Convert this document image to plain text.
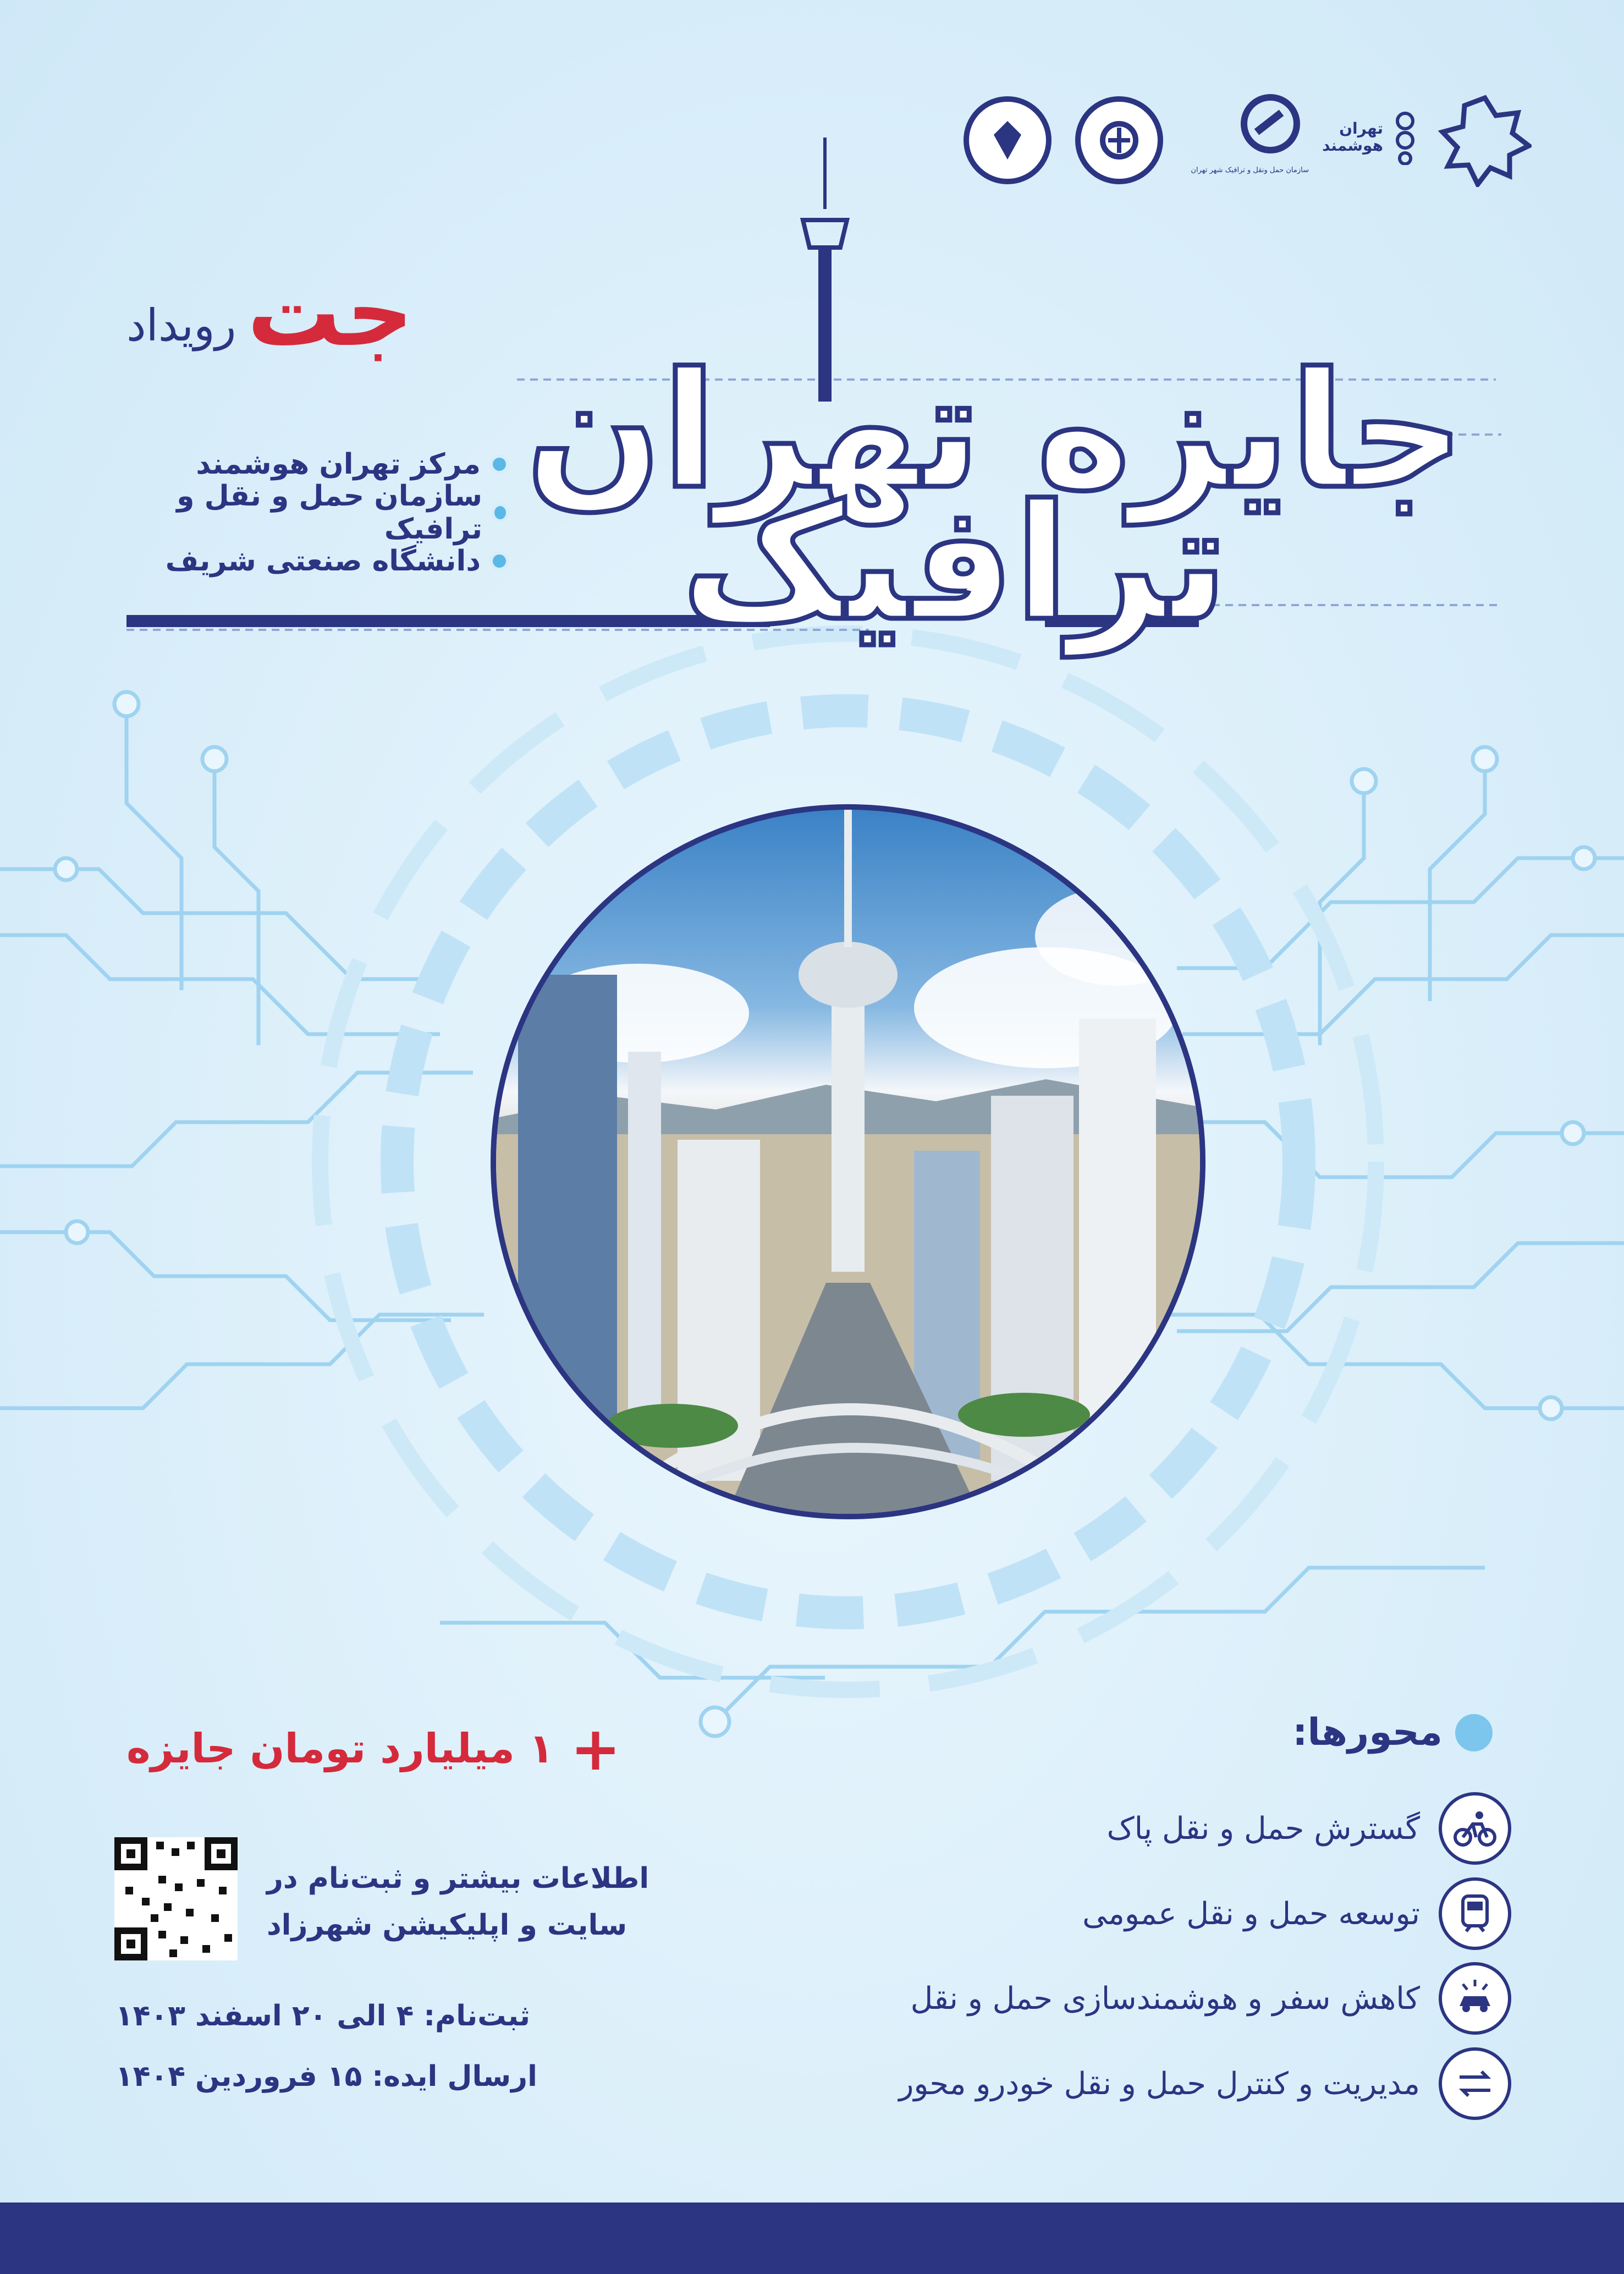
سازمان حمل ونقل و ترافیک شهر تهران
تهران هوشمند
جت
رویداد
مرکز تهران هوشمند
سازمان حمل و نقل و ترافیک
دانشگاه صنعتی شریف
جایزه تهران
ترافیک
+
۱ میلیارد تومان جایزه	محورها:
گسترش حمل و نقل پاک
توسعه حمل و نقل عمومی
کاهش سفر و هوشمندسازی حمل و نقل
مدیریت و کنترل حمل و نقل خودرو محور
اطلاعات بیشتر و ثبت‌نام در
سایت و اپلیکیشن شهرزاد
ثبت‌نام: ۴ الی ۲۰ اسفند ۱۴۰۳
ارسال ایده: ۱۵ فروردین ۱۴۰۴
